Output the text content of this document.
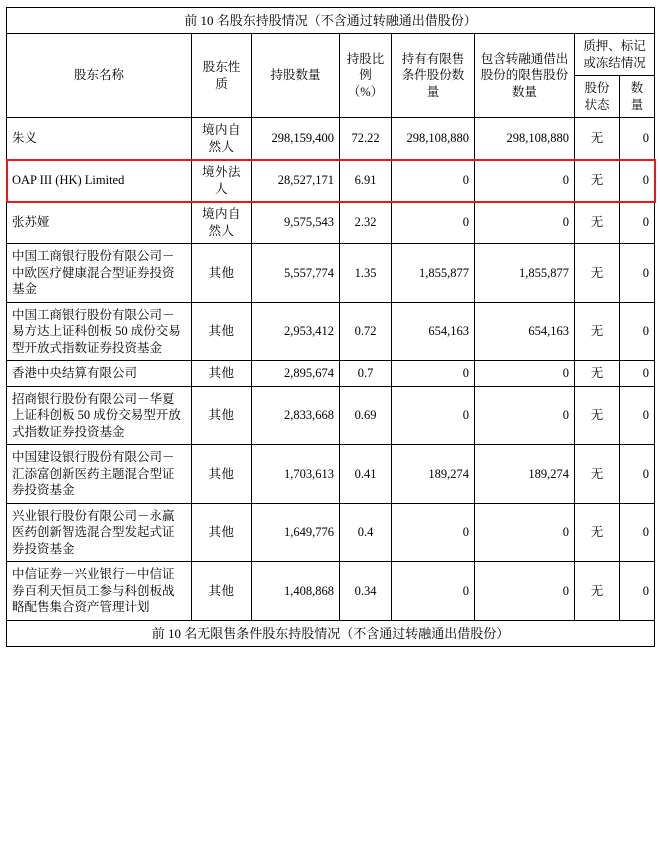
前 10 名股东持股情况（不含通过转融通出借股份）							
股东名称	股东性质	持股数量	持股比例（%）	持有有限售条件股份数量	包含转融通借出股份的限售股份数量	质押、标记或冻结情况	
						股份状态	数量
朱义	境内自然人	298,159,400	72.22	298,108,880	298,108,880	无	0
OAP III (HK) Limited	境外法人	28,527,171	6.91	0	0	无	0
张苏娅	境内自然人	9,575,543	2.32	0	0	无	0
中国工商银行股份有限公司－中欧医疗健康混合型证券投资基金	其他	5,557,774	1.35	1,855,877	1,855,877	无	0
中国工商银行股份有限公司－易方达上证科创板 50 成份交易型开放式指数证券投资基金	其他	2,953,412	0.72	654,163	654,163	无	0
香港中央结算有限公司	其他	2,895,674	0.7	0	0	无	0
招商银行股份有限公司－华夏上证科创板 50 成份交易型开放式指数证券投资基金	其他	2,833,668	0.69	0	0	无	0
中国建设银行股份有限公司－汇添富创新医药主题混合型证券投资基金	其他	1,703,613	0.41	189,274	189,274	无	0
兴业银行股份有限公司－永赢医药创新智选混合型发起式证券投资基金	其他	1,649,776	0.4	0	0	无	0
中信证券－兴业银行－中信证券百利天恒员工参与科创板战略配售集合资产管理计划	其他	1,408,868	0.34	0	0	无	0
前 10 名无限售条件股东持股情况（不含通过转融通出借股份）							
